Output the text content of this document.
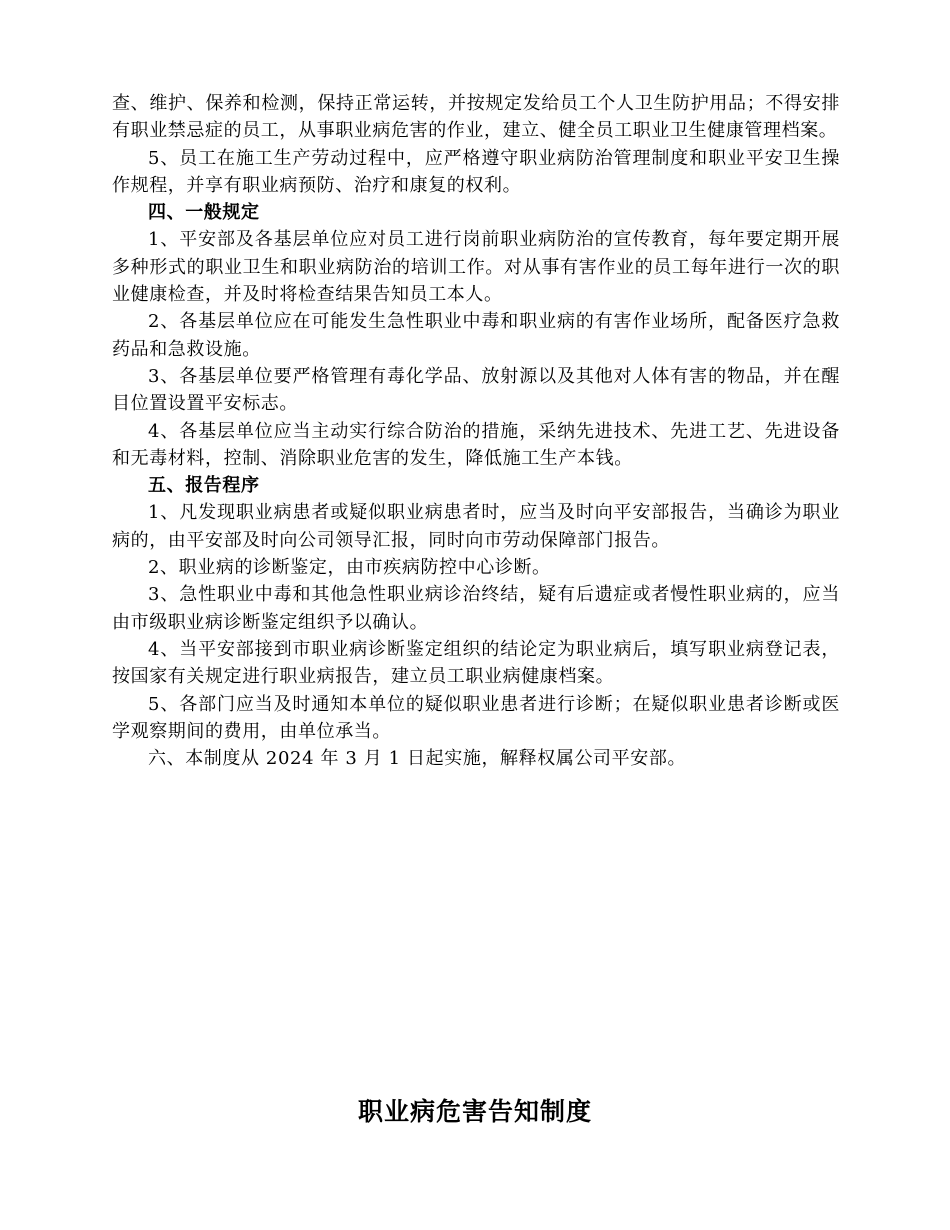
查、维护、保养和检测，保持正常运转，并按规定发给员工个人卫生防护用品；不得安排有职业禁忌症的员工，从事职业病危害的作业，建立、健全员工职业卫生健康管理档案。

5、员工在施工生产劳动过程中，应严格遵守职业病防治管理制度和职业平安卫生操作规程，并享有职业病预防、治疗和康复的权利。

四、一般规定

1、平安部及各基层单位应对员工进行岗前职业病防治的宣传教育，每年要定期开展多种形式的职业卫生和职业病防治的培训工作。对从事有害作业的员工每年进行一次的职业健康检查，并及时将检查结果告知员工本人。

2、各基层单位应在可能发生急性职业中毒和职业病的有害作业场所，配备医疗急救药品和急救设施。

3、各基层单位要严格管理有毒化学品、放射源以及其他对人体有害的物品，并在醒目位置设置平安标志。

4、各基层单位应当主动实行综合防治的措施，采纳先进技术、先进工艺、先进设备和无毒材料，控制、消除职业危害的发生，降低施工生产本钱。

五、报告程序

1、凡发现职业病患者或疑似职业病患者时，应当及时向平安部报告，当确诊为职业病的，由平安部及时向公司领导汇报，同时向市劳动保障部门报告。

2、职业病的诊断鉴定，由市疾病防控中心诊断。

3、急性职业中毒和其他急性职业病诊治终结，疑有后遗症或者慢性职业病的，应当由市级职业病诊断鉴定组织予以确认。

4、当平安部接到市职业病诊断鉴定组织的结论定为职业病后，填写职业病登记表，按国家有关规定进行职业病报告，建立员工职业病健康档案。

5、各部门应当及时通知本单位的疑似职业患者进行诊断；在疑似职业患者诊断或医学观察期间的费用，由单位承当。

六、本制度从 2024 年 3 月 1 日起实施，解释权属公司平安部。

职业病危害告知制度
